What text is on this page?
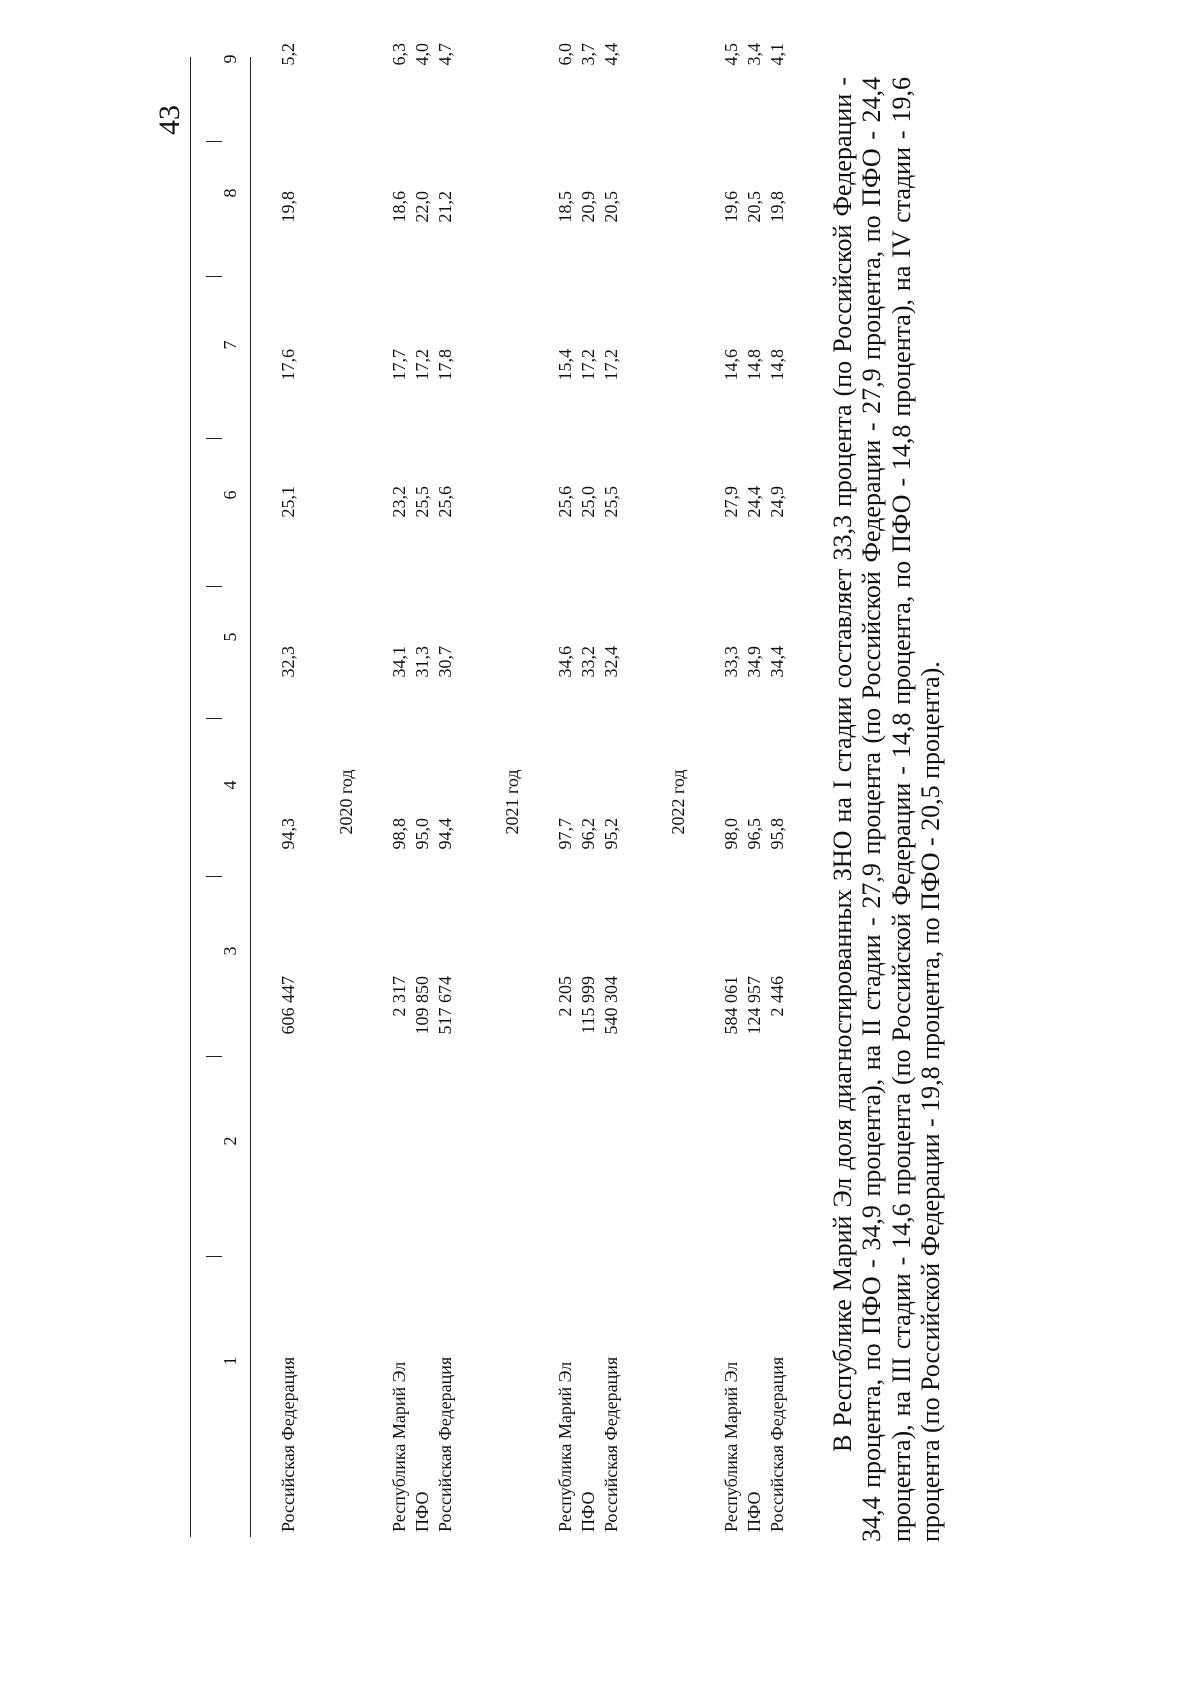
43
1
2
3
4
5
6
7
8
9
Российская Федерация
606 447
94,3
32,3
25,1
17,6
19,8
5,2
2020 год
Республика Марий Эл
2 317
98,8
34,1
23,2
17,7
18,6
6,3
ПФО
109 850
95,0
31,3
25,5
17,2
22,0
4,0
Российская Федерация
517 674
94,4
30,7
25,6
17,8
21,2
4,7
2021 год
Республика Марий Эл
2 205
97,7
34,6
25,6
15,4
18,5
6,0
ПФО
115 999
96,2
33,2
25,0
17,2
20,9
3,7
Российская Федерация
540 304
95,2
32,4
25,5
17,2
20,5
4,4
2022 год
Республика Марий Эл
584 061
98,0
33,3
27,9
14,6
19,6
4,5
ПФО
124 957
96,5
34,9
24,4
14,8
20,5
3,4
Российская Федерация
2 446
95,8
34,4
24,9
14,8
19,8
4,1
В Республике Марий Эл доля диагностированных ЗНО на I стадии составляет 33,3 процента (по Российской Федерации - 34,4 процента, по ПФО - 34,9 процента), на II стадии - 27,9 процента (по Российской Федерации - 27,9 процента, по ПФО - 24,4 процента), на III стадии - 14,6 процента (по Российской Федерации - 14,8 процента, по ПФО - 14,8 процента), на IV стадии - 19,6 процента (по Российской Федерации - 19,8 процента, по ПФО - 20,5 процента).
